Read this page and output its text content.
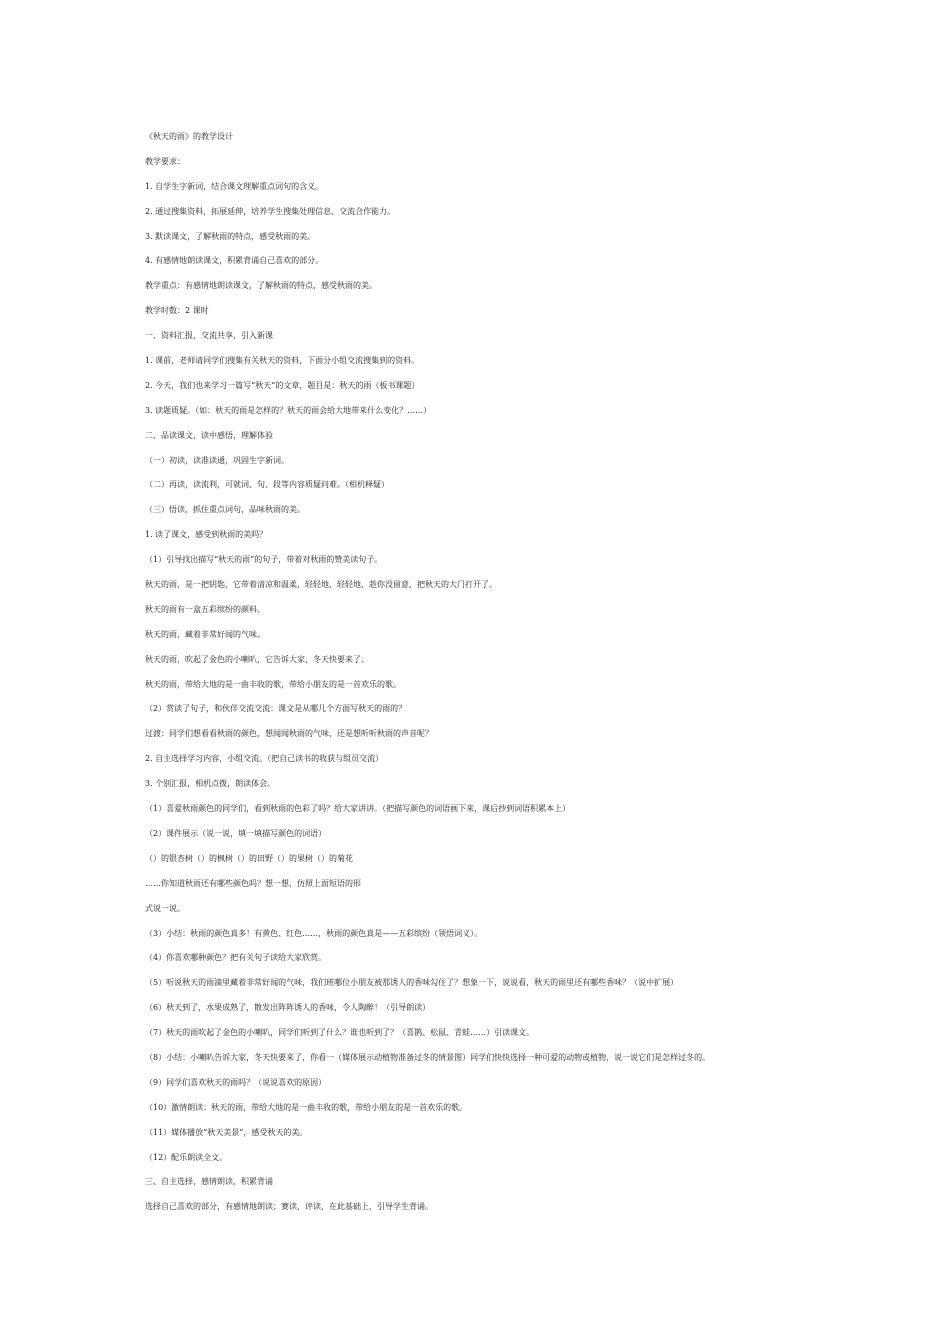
《秋天的雨》的教学设计
教学要求：
1. 自学生字新词，结合课文理解重点词句的含义。
2. 通过搜集资料，拓展延伸，培养学生搜集处理信息、交流合作能力。
3. 默读课文，了解秋雨的特点，感受秋雨的美。
4. 有感情地朗读课文，积累背诵自己喜欢的部分。
教学重点：有感情地朗读课文，了解秋雨的特点，感受秋雨的美。
教学时数：2 课时
一、资料汇报，交流共享，引入新课
1. 课前，老师请同学们搜集有关秋天的资料，下面分小组交流搜集到的资料。
2. 今天，我们也来学习一篇写“秋天”的文章，题目是：秋天的雨（板书课题）
3. 读题质疑。（如：秋天的雨是怎样的？秋天的雨会给大地带来什么变化？……）
二、品读课文，读中感悟，理解体验
（一）初读，读准读通，巩固生字新词。
（二）再读，读流利，可就词、句、段等内容质疑问难。（相机释疑）
（三）悟读，抓住重点词句，品味秋雨的美。
1. 读了课文，感受到秋雨的美吗？
（1）引导找出描写“秋天的雨”的句子，带着对秋雨的赞美读句子。
秋天的雨，是一把钥匙，它带着清凉和温柔，轻轻地，轻轻地，趁你没留意，把秋天的大门打开了。
秋天的雨有一盒五彩缤纷的颜料。
秋天的雨，藏着非常好闻的气味。
秋天的雨，吹起了金色的小喇叭，它告诉大家，冬天快要来了。
秋天的雨，带给大地的是一曲丰收的歌，带给小朋友的是一首欢乐的歌。
（2）赏读了句子，和伙伴交流交流：课文是从哪几个方面写秋天的雨的？
过渡：同学们想看看秋雨的颜色，想闻闻秋雨的气味，还是想听听秋雨的声音呢？
2. 自主选择学习内容，小组交流。（把自己读书的收获与组员交流）
3. 个别汇报，相机点拨，朗读体会。
（1）喜爱秋雨颜色的同学们，看到秋雨的色彩了吗？给大家讲讲。（把描写颜色的词语画下来，课后抄到词语积累本上）
（2）课件展示（说一说，填一填描写颜色的词语）
（）的银杏树（）的枫树（）的田野（）的果树（）的菊花
……你知道秋雨还有哪些颜色吗？想一想，仿照上面短语的形
式说一说。
（3）小结：秋雨的颜色真多！有黄色、红色……，秋雨的颜色真是——五彩缤纷（领悟词义）。
（4）你喜欢哪种颜色？把有关句子读给大家欣赏。
（5）听说秋天的雨滴里藏着非常好闻的气味，我们班哪位小朋友被那诱人的香味勾住了？想象一下，说说看，秋天的雨里还有哪些香味？（说中扩展）
（6）秋天到了，水果成熟了，散发出阵阵诱人的香味，令人陶醉！（引导朗读）
（7）秋天的雨吹起了金色的小喇叭，同学们听到了什么？谁也听到了？（喜鹊、松鼠、青蛙……）引读课文。
（8）小结：小喇叭告诉大家，冬天快要来了，你看一（媒体展示动植物准备过冬的情景图）同学们快快选择一种可爱的动物或植物，说一说它们是怎样过冬的。
（9）同学们喜欢秋天的雨吗？（说说喜欢的原因）
（10）激情朗读：秋天的雨，带给大地的是一曲丰收的歌，带给小朋友的是一首欢乐的歌。
（11）媒体播放“秋天美景”，感受秋天的美。
（12）配乐朗读全文。
三、自主选择，感情朗读，积累背诵
选择自己喜欢的部分，有感情地朗读；赛读，评读，在此基础上，引导学生背诵。
